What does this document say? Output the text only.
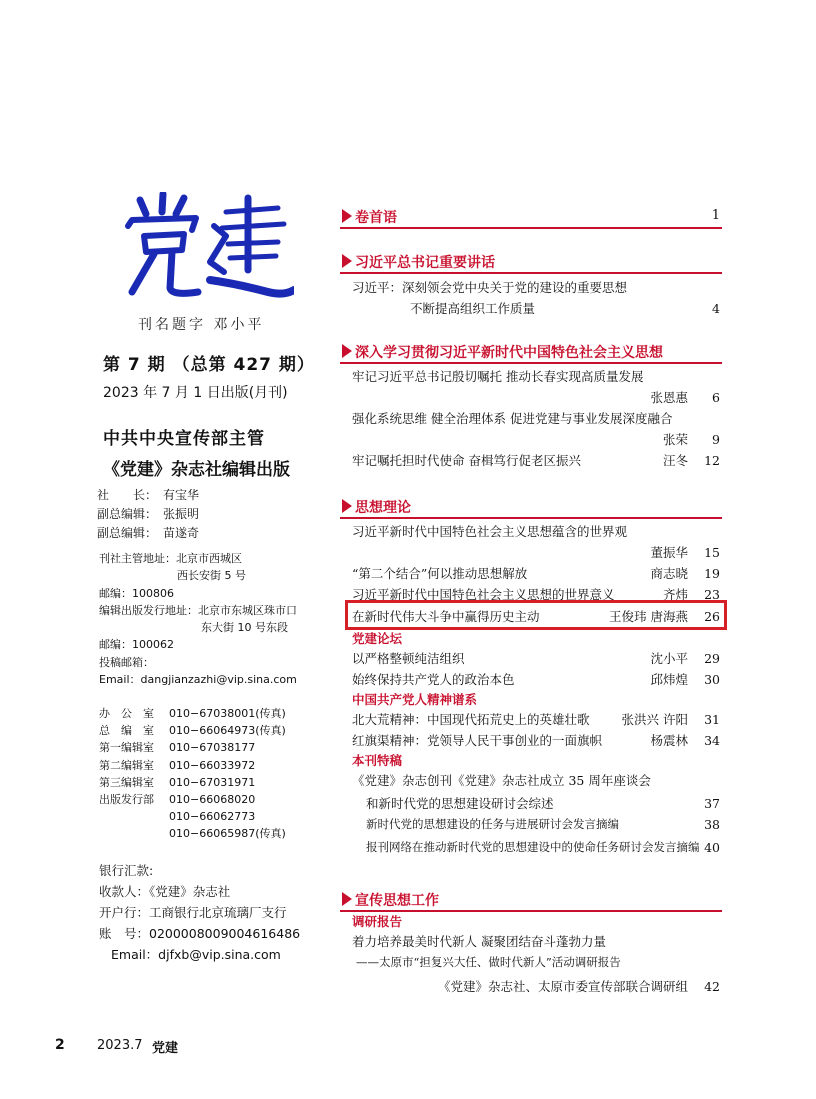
刊名题字 邓小平
第 7 期 （总第 427 期）
2023 年 7 月 1 日出版(月刊)
中共中央宣传部主管
《党建》杂志社编辑出版
社　　长： 有宝华
副总编辑： 张振明
副总编辑： 苗遂奇
刊社主管地址：北京市西城区
西长安街 5 号
邮编：100806
编辑出版发行地址：北京市东城区珠市口
东大街 10 号东段
邮编：100062
投稿邮箱：
Email：dangjianzazhi@vip.sina.com
办　公　室 010−67038001(传真)
总　编　室 010−66064973(传真)
第一编辑室 010−67038177
第二编辑室 010−66033972
第三编辑室 010−67031971
出版发行部 010−66068020
010−66062773
010−66065987(传真)
银行汇款:
收款人：《党建》杂志社
开户行：工商银行北京琉璃厂支行
账　号：0200008009004616486
Email：djfxb@vip.sina.com
2 2023.7 党建
卷首语	1
习近平总书记重要讲话
习近平：深刻领会党中央关于党的建设的重要思想
不断提高组织工作质量	4
深入学习贯彻习近平新时代中国特色社会主义思想
牢记习近平总书记殷切嘱托 推动长春实现高质量发展
张恩惠 6
强化系统思维 健全治理体系 促进党建与事业发展深度融合
张荣 9
牢记嘱托担时代使命 奋楫笃行促老区振兴	汪冬 12
思想理论
习近平新时代中国特色社会主义思想蕴含的世界观
董振华 15
“第二个结合”何以推动思想解放	商志晓 19
习近平新时代中国特色社会主义思想的世界意义	齐炜 23
在新时代伟大斗争中赢得历史主动	王俊玮 唐海燕 26
党建论坛
以严格整顿纯洁组织	沈小平 29
始终保持共产党人的政治本色	邱炜煌 30
中国共产党人精神谱系
北大荒精神：中国现代拓荒史上的英雄壮歌	张洪兴 许阳 31
红旗渠精神：党领导人民干事创业的一面旗帜	杨震林 34
本刊特稿
《党建》杂志创刊《党建》杂志社成立 35 周年座谈会
和新时代党的思想建设研讨会综述	37
新时代党的思想建设的任务与进展研讨会发言摘编	38
报刊网络在推动新时代党的思想建设中的使命任务研讨会发言摘编 40
宣传思想工作
调研报告
着力培养最美时代新人 凝聚团结奋斗蓬勃力量
——太原市“担复兴大任、做时代新人”活动调研报告
《党建》杂志社、太原市委宣传部联合调研组 42
